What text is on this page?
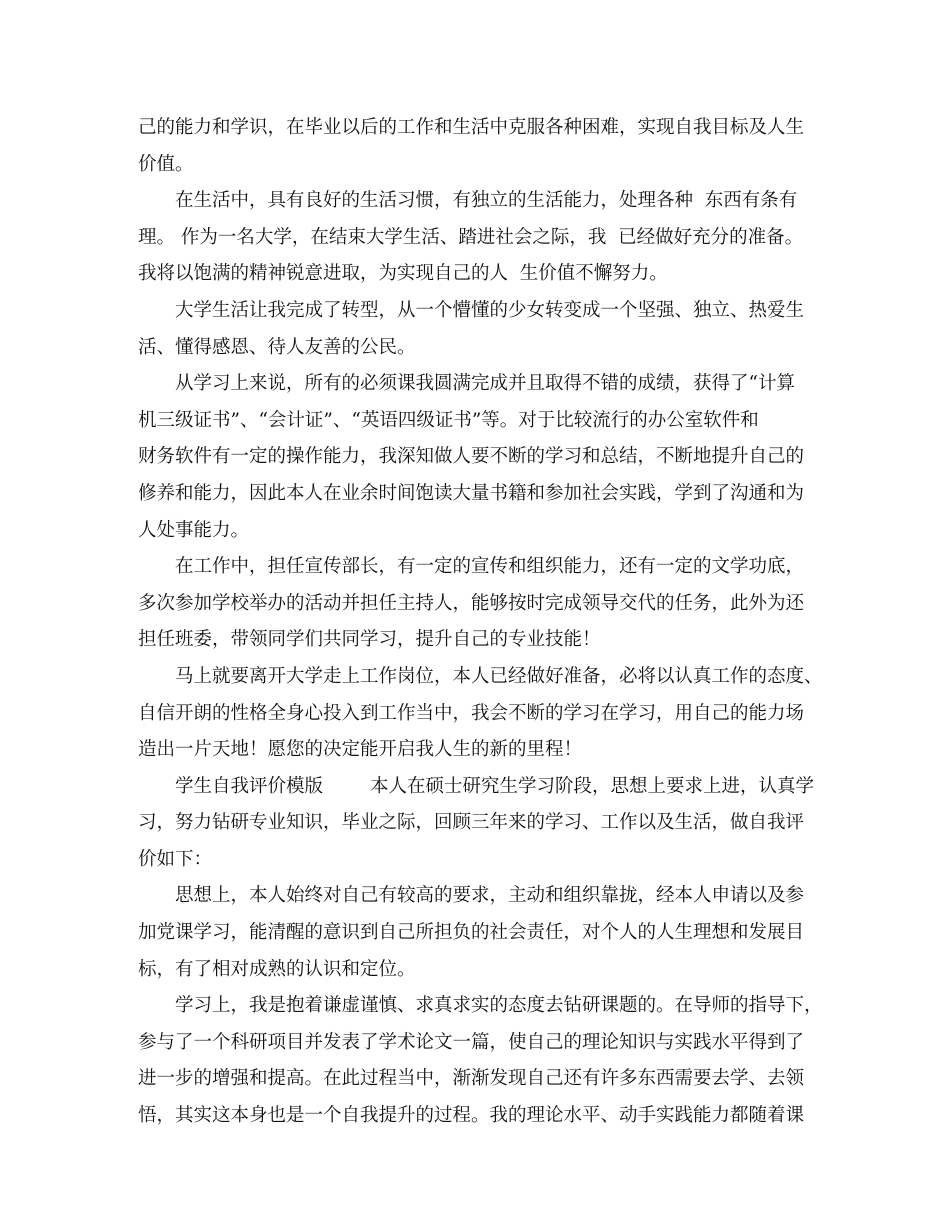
己的能力和学识，在毕业以后的工作和生活中克服各种困难，实现自我目标及人生
价值。
在生活中，具有良好的生活习惯，有独立的生活能力，处理各种  东西有条有
理。 作为一名大学，在结束大学生活、踏进社会之际，我  已经做好充分的准备。
我将以饱满的精神锐意进取，为实现自己的人  生价值不懈努力。
大学生活让我完成了转型，从一个懵懂的少女转变成一个坚强、独立、热爱生
活、懂得感恩、待人友善的公民。
从学习上来说，所有的必须课我圆满完成并且取得不错的成绩，获得了“计算
机三级证书”、“会计证”、“英语四级证书”等。对于比较流行的办公室软件和
财务软件有一定的操作能力，我深知做人要不断的学习和总结，不断地提升自己的
修养和能力，因此本人在业余时间饱读大量书籍和参加社会实践，学到了沟通和为
人处事能力。
在工作中，担任宣传部长，有一定的宣传和组织能力，还有一定的文学功底，
多次参加学校举办的活动并担任主持人，能够按时完成领导交代的任务，此外为还
担任班委，带领同学们共同学习，提升自己的专业技能！
马上就要离开大学走上工作岗位，本人已经做好准备，必将以认真工作的态度、
自信开朗的性格全身心投入到工作当中，我会不断的学习在学习，用自己的能力场
造出一片天地！愿您的决定能开启我人生的新的里程！
学生自我评价模版        本人在硕士研究生学习阶段，思想上要求上进，认真学
习，努力钻研专业知识，毕业之际，回顾三年来的学习、工作以及生活，做自我评
价如下：
思想上，本人始终对自己有较高的要求，主动和组织靠拢，经本人申请以及参
加党课学习，能清醒的意识到自己所担负的社会责任，对个人的人生理想和发展目
标，有了相对成熟的认识和定位。
学习上，我是抱着谦虚谨慎、求真求实的态度去钻研课题的。在导师的指导下，
参与了一个科研项目并发表了学术论文一篇，使自己的理论知识与实践水平得到了
进一步的增强和提高。在此过程当中，渐渐发现自己还有许多东西需要去学、去领
悟，其实这本身也是一个自我提升的过程。我的理论水平、动手实践能力都随着课
